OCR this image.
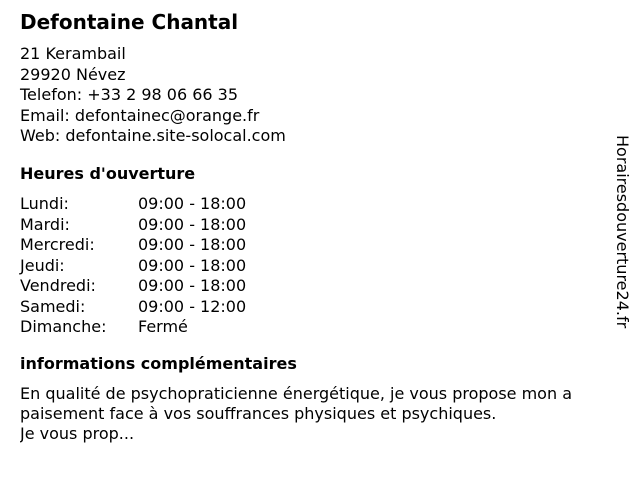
Defontaine Chantal
21 Kerambail
29920 Névez
Telefon: +33 2 98 06 66 35
Email: defontainec@orange.fr
Web: defontaine.site-solocal.com
Heures d'ouverture
Lundi:	09:00 - 18:00
Mardi:	09:00 - 18:00
Mercredi:	09:00 - 18:00
Jeudi:	09:00 - 18:00
Vendredi:	09:00 - 18:00
Samedi:	09:00 - 12:00
Dimanche:	Fermé
informations complémentaires
En qualité de psychopraticienne énergétique, je vous propose mon a
paisement face à vos souffrances physiques et psychiques.
Je vous prop...
Horairesdouverture24.fr
